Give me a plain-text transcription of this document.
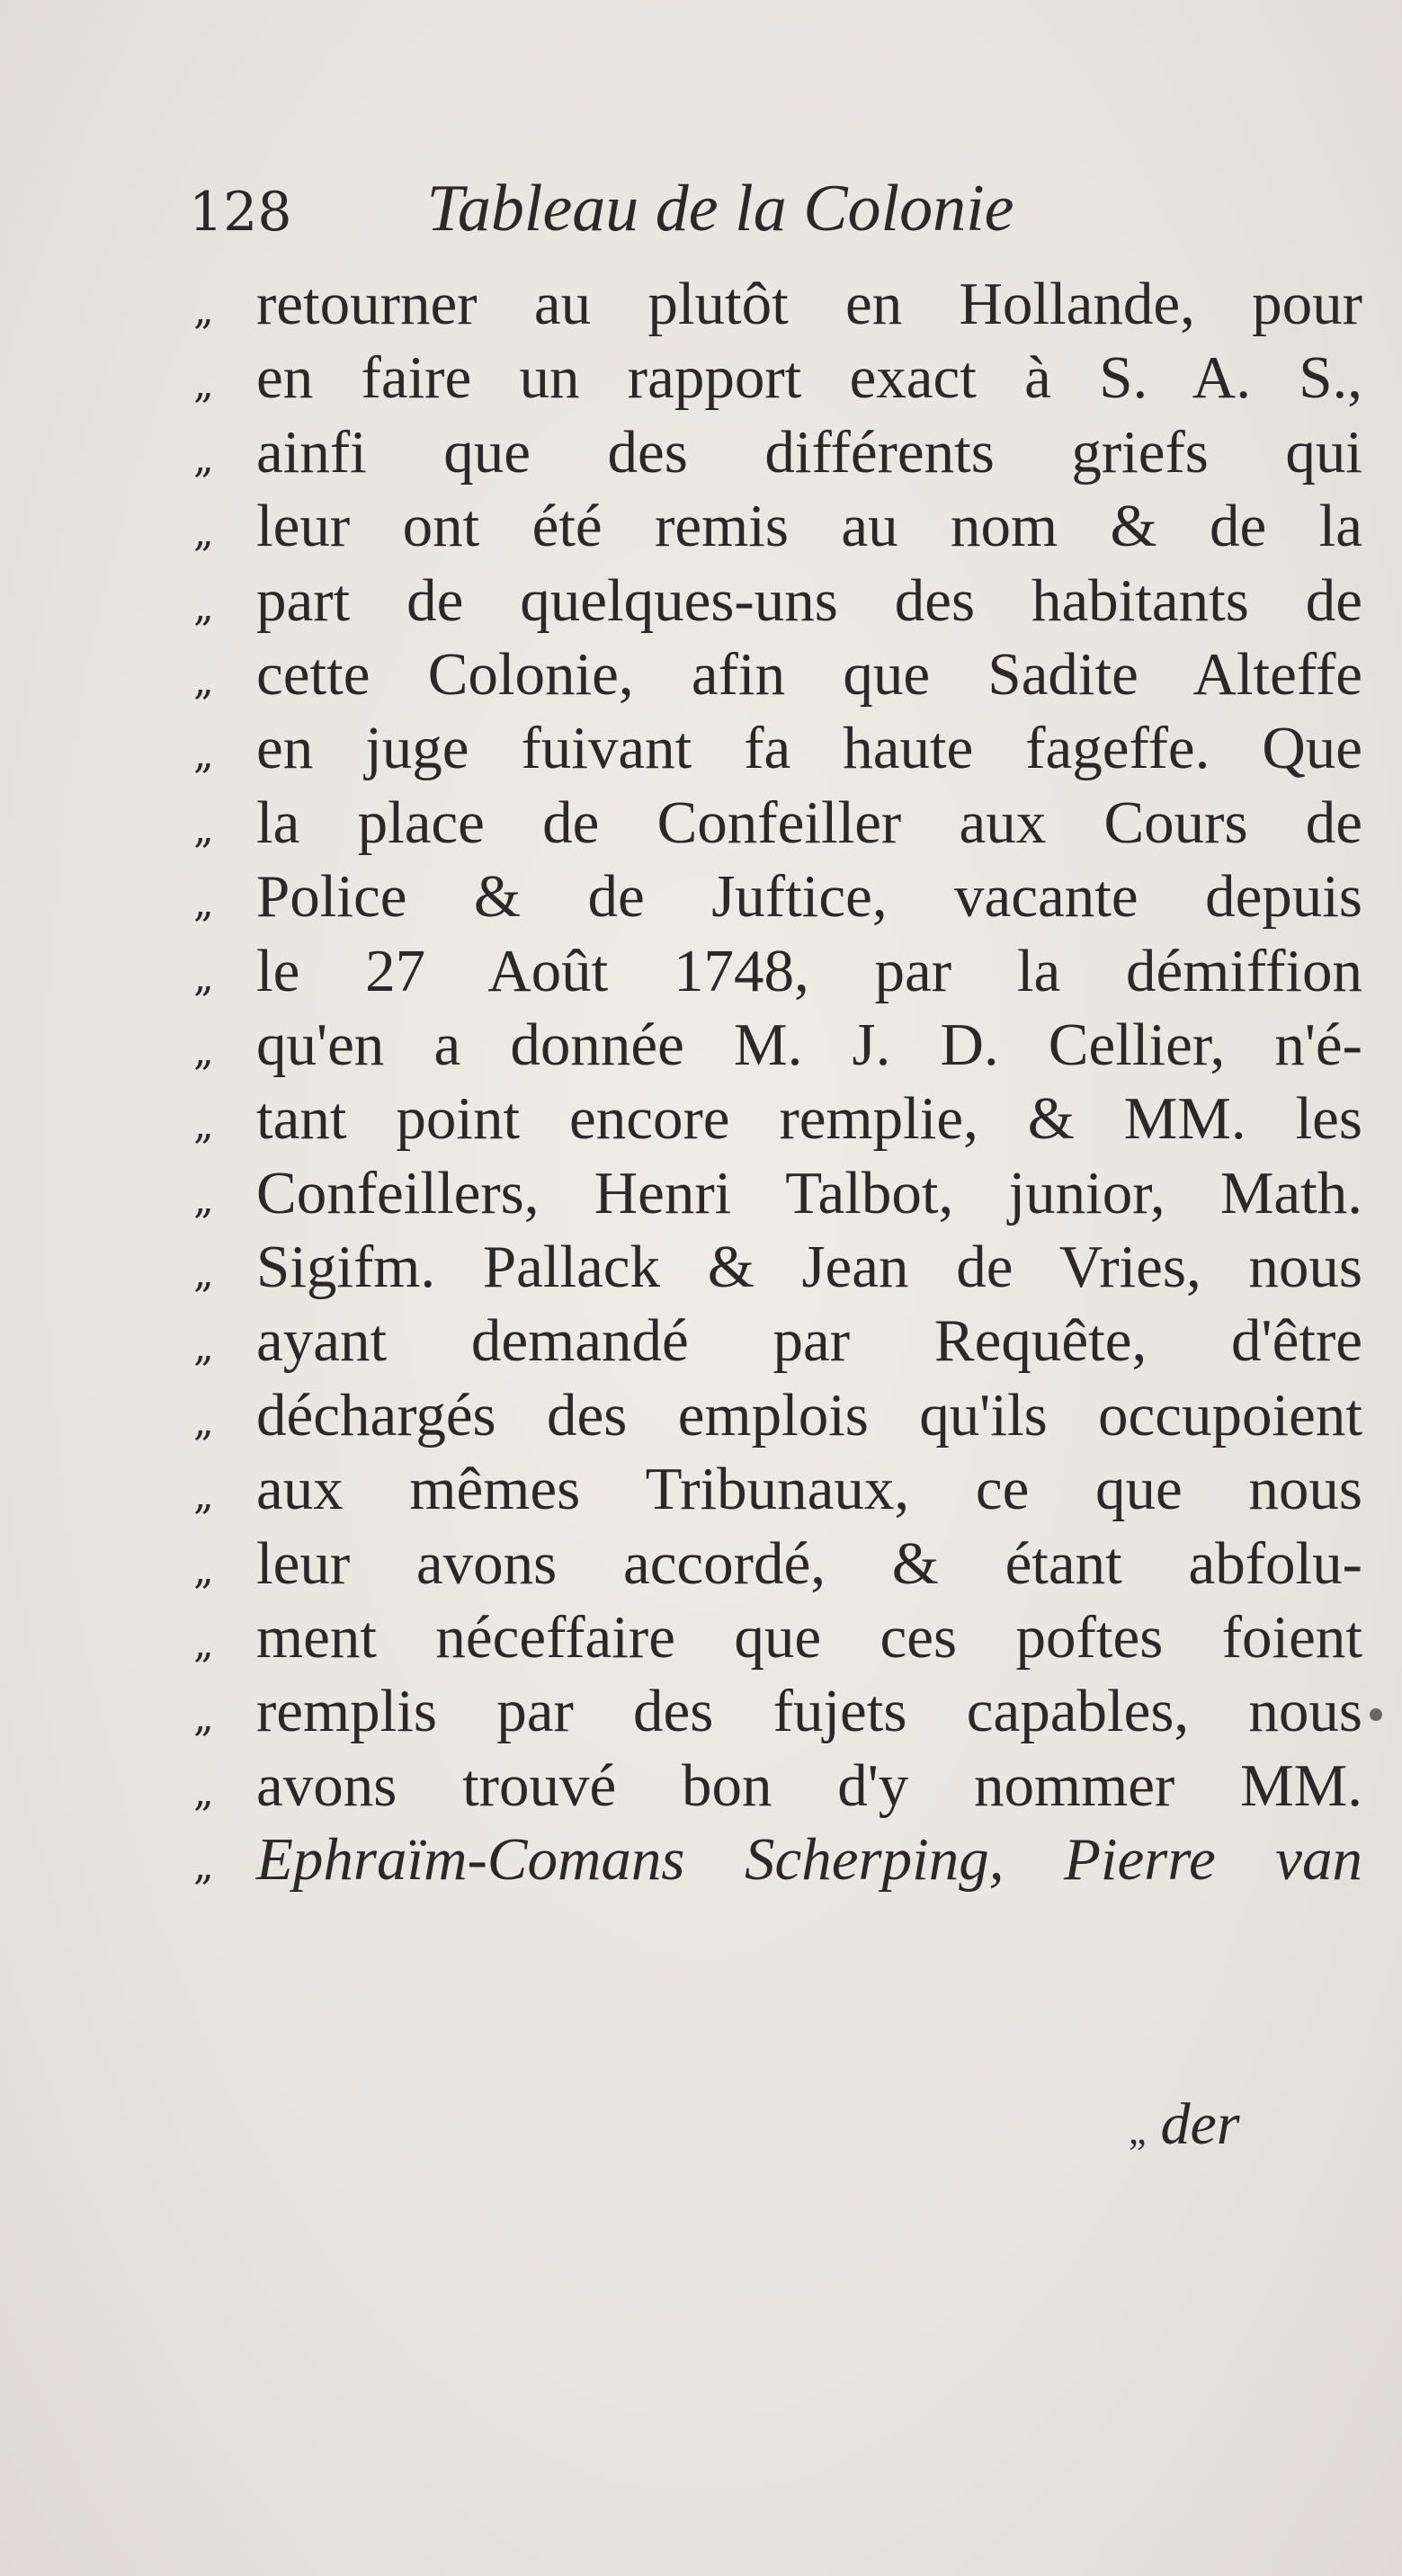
128 Tableau de la Colonie
„ retourner au plutôt en Hollande, pour
„ en faire un rapport exact à S. A. S.,
„ ainfi que des différents griefs qui
„ leur ont été remis au nom & de la
„ part de quelques-uns des habitants de
„ cette Colonie, afin que Sadite Alteffe
„ en juge fuivant fa haute fageffe. Que
„ la place de Confeiller aux Cours de
„ Police & de Juftice, vacante depuis
„ le 27 Août 1748, par la démiffion
„ qu'en a donnée M. J. D. Cellier, n'é-
„ tant point encore remplie, & MM. les
„ Confeillers, Henri Talbot, junior, Math.
„ Sigifm. Pallack & Jean de Vries, nous
„ ayant demandé par Requête, d'être
„ déchargés des emplois qu'ils occupoient
„ aux mêmes Tribunaux, ce que nous
„ leur avons accordé, & étant abfolu-
„ ment néceffaire que ces poftes foient
„ remplis par des fujets capables, nous
„ avons trouvé bon d'y nommer MM.
„ Ephraïm-Comans Scherping, Pierre van
„ der
